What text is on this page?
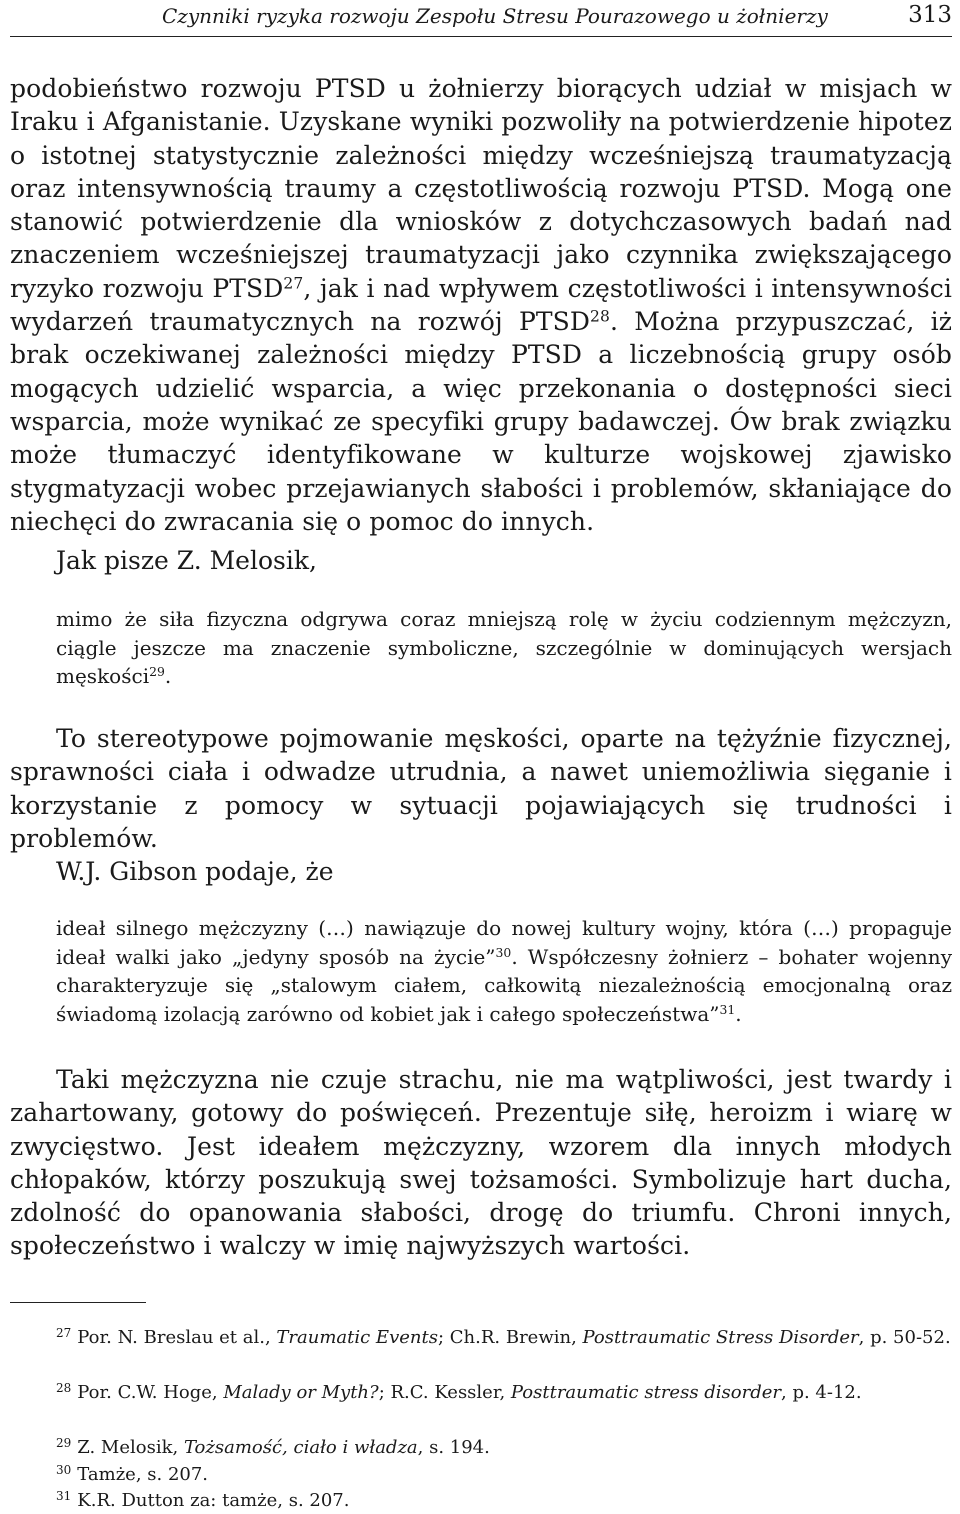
Czynniki ryzyka rozwoju Zespołu Stresu Pourazowego u żołnierzy	313

podobieństwo rozwoju PTSD u żołnierzy biorących udział w misjach w Iraku i Afganistanie. Uzyskane wyniki pozwoliły na potwierdzenie hipotez o istotnej statystycznie zależności między wcześniejszą traumatyzacją oraz intensywnością traumy a częstotliwością rozwoju PTSD. Mogą one stanowić potwierdzenie dla wniosków z dotychczasowych badań nad znaczeniem wcześniejszej traumatyzacji jako czynnika zwiększającego ryzyko rozwoju PTSD$^{27}$, jak i nad wpływem częstotliwości i intensywności wydarzeń traumatycznych na rozwój PTSD$^{28}$. Można przypuszczać, iż brak oczekiwanej zależności między PTSD a liczebnością grupy osób mogących udzielić wsparcia, a więc przekonania o dostępności sieci wsparcia, może wynikać ze specyfiki grupy badawczej. Ów brak związku może tłumaczyć identyfikowane w kulturze wojskowej zjawisko stygmatyzacji wobec przejawianych słabości i problemów, skłaniające do niechęci do zwracania się o pomoc do innych.

Jak pisze Z. Melosik,

mimo że siła fizyczna odgrywa coraz mniejszą rolę w życiu codziennym mężczyzn, ciągle jeszcze ma znaczenie symboliczne, szczególnie w dominujących wersjach męskości$^{29}$.

To stereotypowe pojmowanie męskości, oparte na tężyźnie fizycznej, sprawności ciała i odwadze utrudnia, a nawet uniemożliwia sięganie i korzystanie z pomocy w sytuacji pojawiających się trudności i problemów.

W.J. Gibson podaje, że

ideał silnego mężczyzny (…) nawiązuje do nowej kultury wojny, która (…) propaguje ideał walki jako „jedyny sposób na życie”$^{30}$. Współczesny żołnierz – bohater wojenny charakteryzuje się „stalowym ciałem, całkowitą niezależnością emocjonalną oraz świadomą izolacją zarówno od kobiet jak i całego społeczeństwa”$^{31}$.

Taki mężczyzna nie czuje strachu, nie ma wątpliwości, jest twardy i zahartowany, gotowy do poświęceń. Prezentuje siłę, heroizm i wiarę w zwycięstwo. Jest ideałem mężczyzny, wzorem dla innych młodych chłopaków, którzy poszukują swej tożsamości. Symbolizuje hart ducha, zdolność do opanowania słabości, drogę do triumfu. Chroni innych, społeczeństwo i walczy w imię najwyższych wartości.

$^{27}$ Por. N. Breslau et al., Traumatic Events; Ch.R. Brewin, Posttraumatic Stress Disorder, p. 50-52.

$^{28}$ Por. C.W. Hoge, Malady or Myth?; R.C. Kessler, Posttraumatic stress disorder, p. 4-12.

$^{29}$ Z. Melosik, Tożsamość, ciało i władza, s. 194.

$^{30}$ Tamże, s. 207.

$^{31}$ K.R. Dutton za: tamże, s. 207.
